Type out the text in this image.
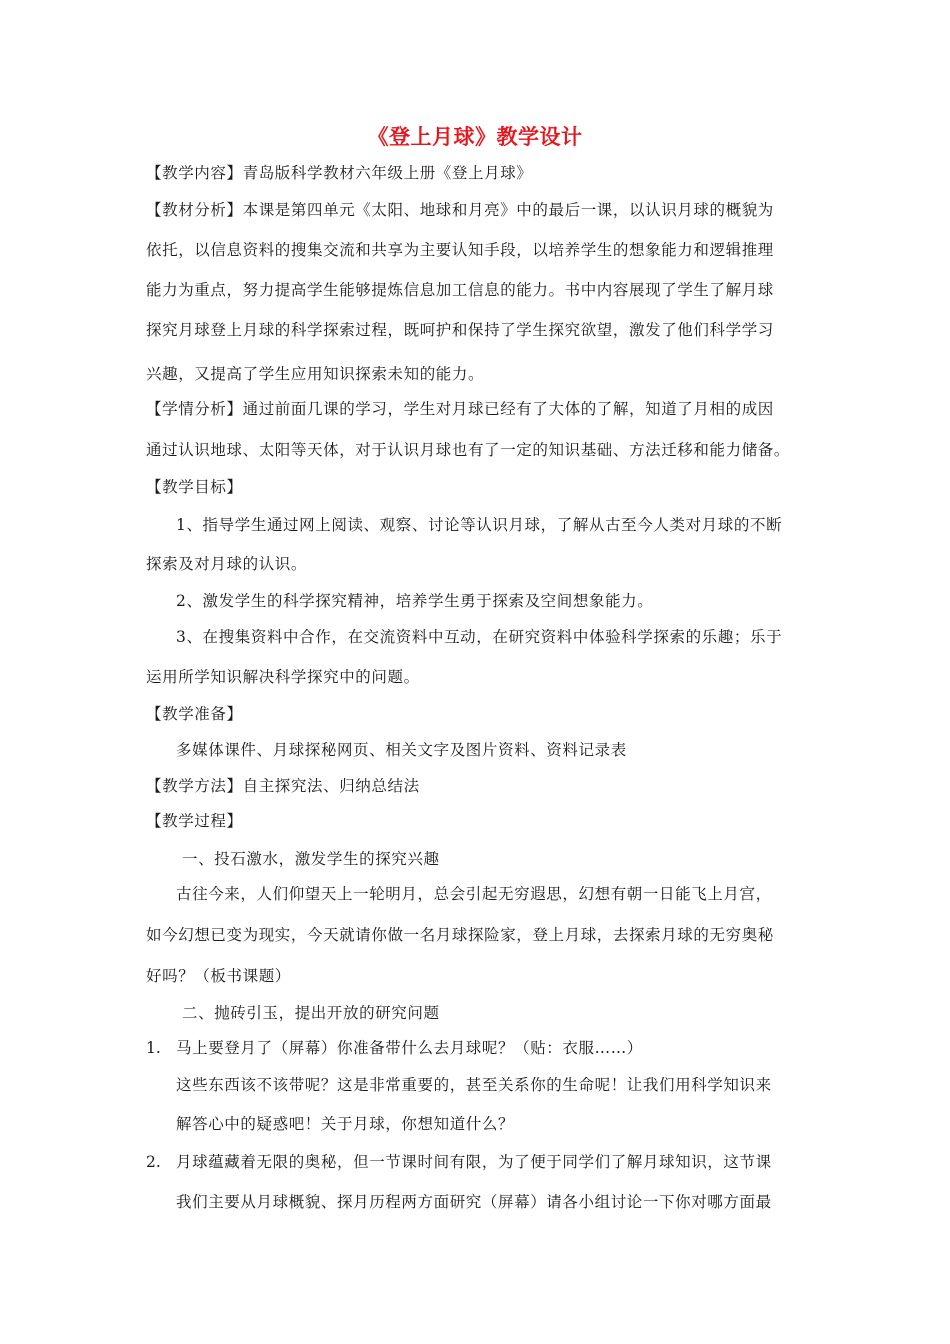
《登上月球》教学设计
【教学内容】青岛版科学教材六年级上册《登上月球》
【教材分析】本课是第四单元《太阳、地球和月亮》中的最后一课，以认识月球的概貌为
依托，以信息资料的搜集交流和共享为主要认知手段，以培养学生的想象能力和逻辑推理
能力为重点，努力提高学生能够提炼信息加工信息的能力。书中内容展现了学生了解月球
探究月球登上月球的科学探索过程，既呵护和保持了学生探究欲望，激发了他们科学学习
兴趣，又提高了学生应用知识探索未知的能力。
【学情分析】通过前面几课的学习，学生对月球已经有了大体的了解，知道了月相的成因
通过认识地球、太阳等天体，对于认识月球也有了一定的知识基础、方法迁移和能力储备。
【教学目标】
1、指导学生通过网上阅读、观察、讨论等认识月球，了解从古至今人类对月球的不断
探索及对月球的认识。
2、激发学生的科学探究精神，培养学生勇于探索及空间想象能力。
3、在搜集资料中合作，在交流资料中互动，在研究资料中体验科学探索的乐趣；乐于
运用所学知识解决科学探究中的问题。
【教学准备】
多媒体课件、月球探秘网页、相关文字及图片资料、资料记录表
【教学方法】自主探究法、归纳总结法
【教学过程】
一、投石激水，激发学生的探究兴趣
古往今来，人们仰望天上一轮明月，总会引起无穷遐思，幻想有朝一日能飞上月宫，
如今幻想已变为现实，今天就请你做一名月球探险家，登上月球，去探索月球的无穷奥秘
好吗？（板书课题）
二、抛砖引玉，提出开放的研究问题
1. 马上要登月了（屏幕）你准备带什么去月球呢？（贴：衣服……）
这些东西该不该带呢？这是非常重要的，甚至关系你的生命呢！让我们用科学知识来
解答心中的疑惑吧！关于月球，你想知道什么？
2. 月球蕴藏着无限的奥秘，但一节课时间有限，为了便于同学们了解月球知识，这节课
我们主要从月球概貌、探月历程两方面研究（屏幕）请各小组讨论一下你对哪方面最
